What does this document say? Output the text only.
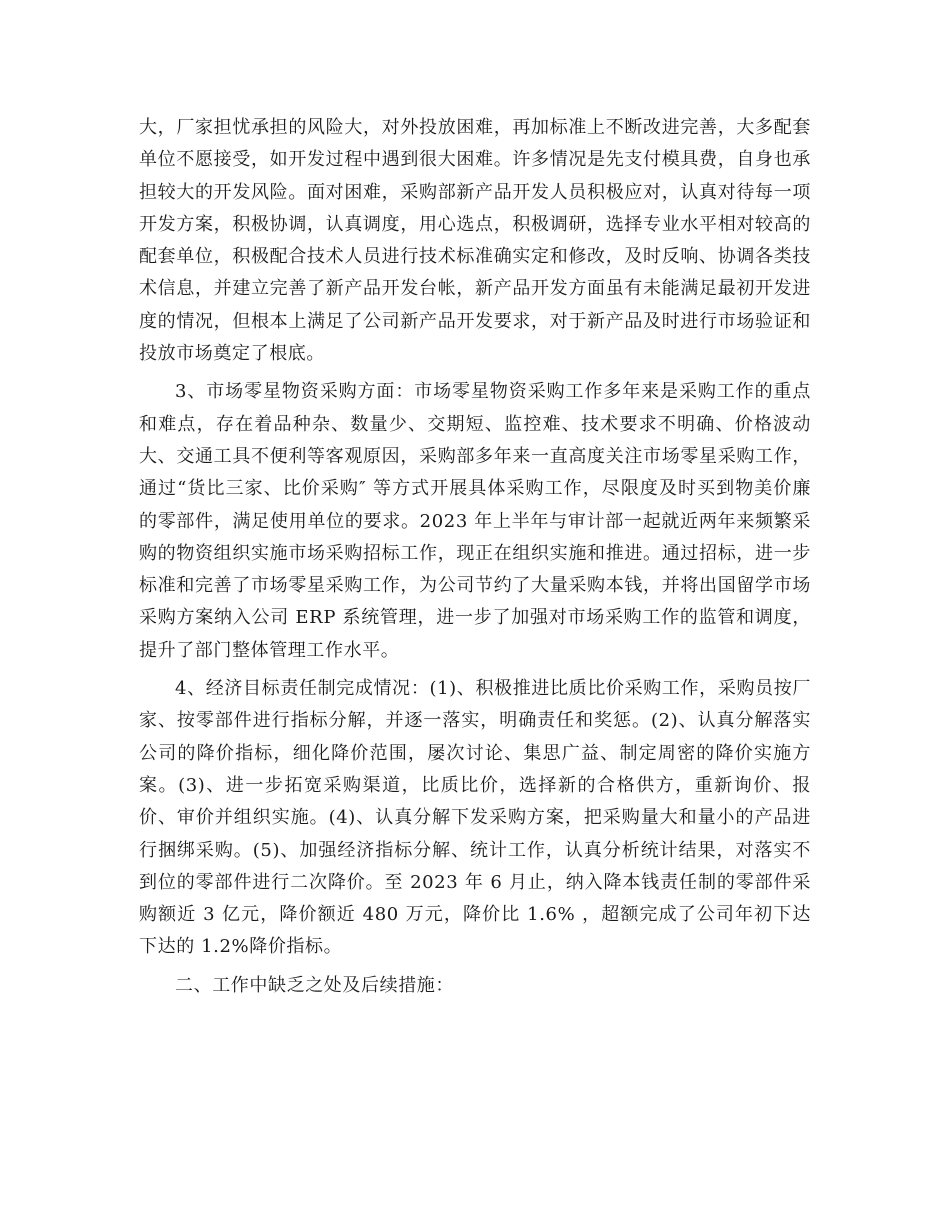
大，厂家担忧承担的风险大，对外投放困难，再加标准上不断改进完善，大多配套单位不愿接受，如开发过程中遇到很大困难。许多情况是先支付模具费，自身也承担较大的开发风险。面对困难，采购部新产品开发人员积极应对，认真对待每一项开发方案，积极协调，认真调度，用心选点，积极调研，选择专业水平相对较高的配套单位，积极配合技术人员进行技术标准确实定和修改，及时反响、协调各类技术信息，并建立完善了新产品开发台帐，新产品开发方面虽有未能满足最初开发进度的情况，但根本上满足了公司新产品开发要求，对于新产品及时进行市场验证和投放市场奠定了根底。

3、市场零星物资采购方面：市场零星物资采购工作多年来是采购工作的重点和难点，存在着品种杂、数量少、交期短、监控难、技术要求不明确、价格波动大、交通工具不便利等客观原因，采购部多年来一直高度关注市场零星采购工作，通过“货比三家、比价采购″ 等方式开展具体采购工作，尽限度及时买到物美价廉的零部件，满足使用单位的要求。2023 年上半年与审计部一起就近两年来频繁采购的物资组织实施市场采购招标工作，现正在组织实施和推进。通过招标，进一步标准和完善了市场零星采购工作，为公司节约了大量采购本钱，并将出国留学市场采购方案纳入公司 ERP 系统管理，进一步了加强对市场采购工作的监管和调度，提升了部门整体管理工作水平。

4、经济目标责任制完成情况：(1)、积极推进比质比价采购工作，采购员按厂家、按零部件进行指标分解，并逐一落实，明确责任和奖惩。(2)、认真分解落实公司的降价指标，细化降价范围，屡次讨论、集思广益、制定周密的降价实施方案。(3)、进一步拓宽采购渠道，比质比价，选择新的合格供方，重新询价、报价、审价并组织实施。(4)、认真分解下发采购方案，把采购量大和量小的产品进行捆绑采购。(5)、加强经济指标分解、统计工作，认真分析统计结果，对落实不到位的零部件进行二次降价。至 2023 年 6 月止，纳入降本钱责任制的零部件采购额近 3 亿元，降价额近 480 万元，降价比 1.6% ，超额完成了公司年初下达下达的 1.2%降价指标。

二、工作中缺乏之处及后续措施：
